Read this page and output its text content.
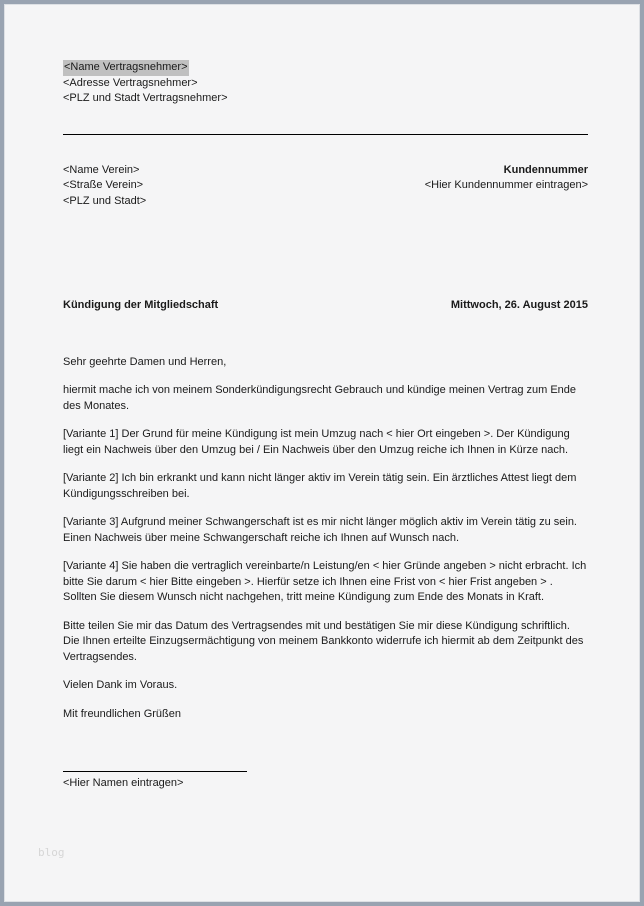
<Name Vertragsnehmer>
<Adresse Vertragsnehmer>
<PLZ und Stadt Vertragsnehmer>
<Name Verein>
<Straße Verein>
<PLZ und Stadt>
Kundennummer
<Hier Kundennummer eintragen>
Kündigung der Mitgliedschaft	Mittwoch, 26. August 2015

Sehr geehrte Damen und Herren,

hiermit mache ich von meinem Sonderkündigungsrecht Gebrauch und kündige meinen Vertrag zum Ende des Monates.

[Variante 1] Der Grund für meine Kündigung ist mein Umzug nach < hier Ort eingeben >. Der Kündigung liegt ein Nachweis über den Umzug bei / Ein Nachweis über den Umzug reiche ich Ihnen in Kürze nach.

[Variante 2] Ich bin erkrankt und kann nicht länger aktiv im Verein tätig sein. Ein ärztliches Attest liegt dem Kündigungsschreiben bei.

[Variante 3] Aufgrund meiner Schwangerschaft ist es mir nicht länger möglich aktiv im Verein tätig zu sein. Einen Nachweis über meine Schwangerschaft reiche ich Ihnen auf Wunsch nach.

[Variante 4] Sie haben die vertraglich vereinbarte/n Leistung/en < hier Gründe angeben > nicht erbracht. Ich bitte Sie darum < hier Bitte eingeben >. Hierfür setze ich Ihnen eine Frist von < hier Frist angeben > . Sollten Sie diesem Wunsch nicht nachgehen, tritt meine Kündigung zum Ende des Monats in Kraft.

Bitte teilen Sie mir das Datum des Vertragsendes mit und bestätigen Sie mir diese Kündigung schriftlich. Die Ihnen erteilte Einzugsermächtigung von meinem Bankkonto widerrufe ich hiermit ab dem Zeitpunkt des Vertragsendes.

Vielen Dank im Voraus.

Mit freundlichen Grüßen

<Hier Namen eintragen>
blog
